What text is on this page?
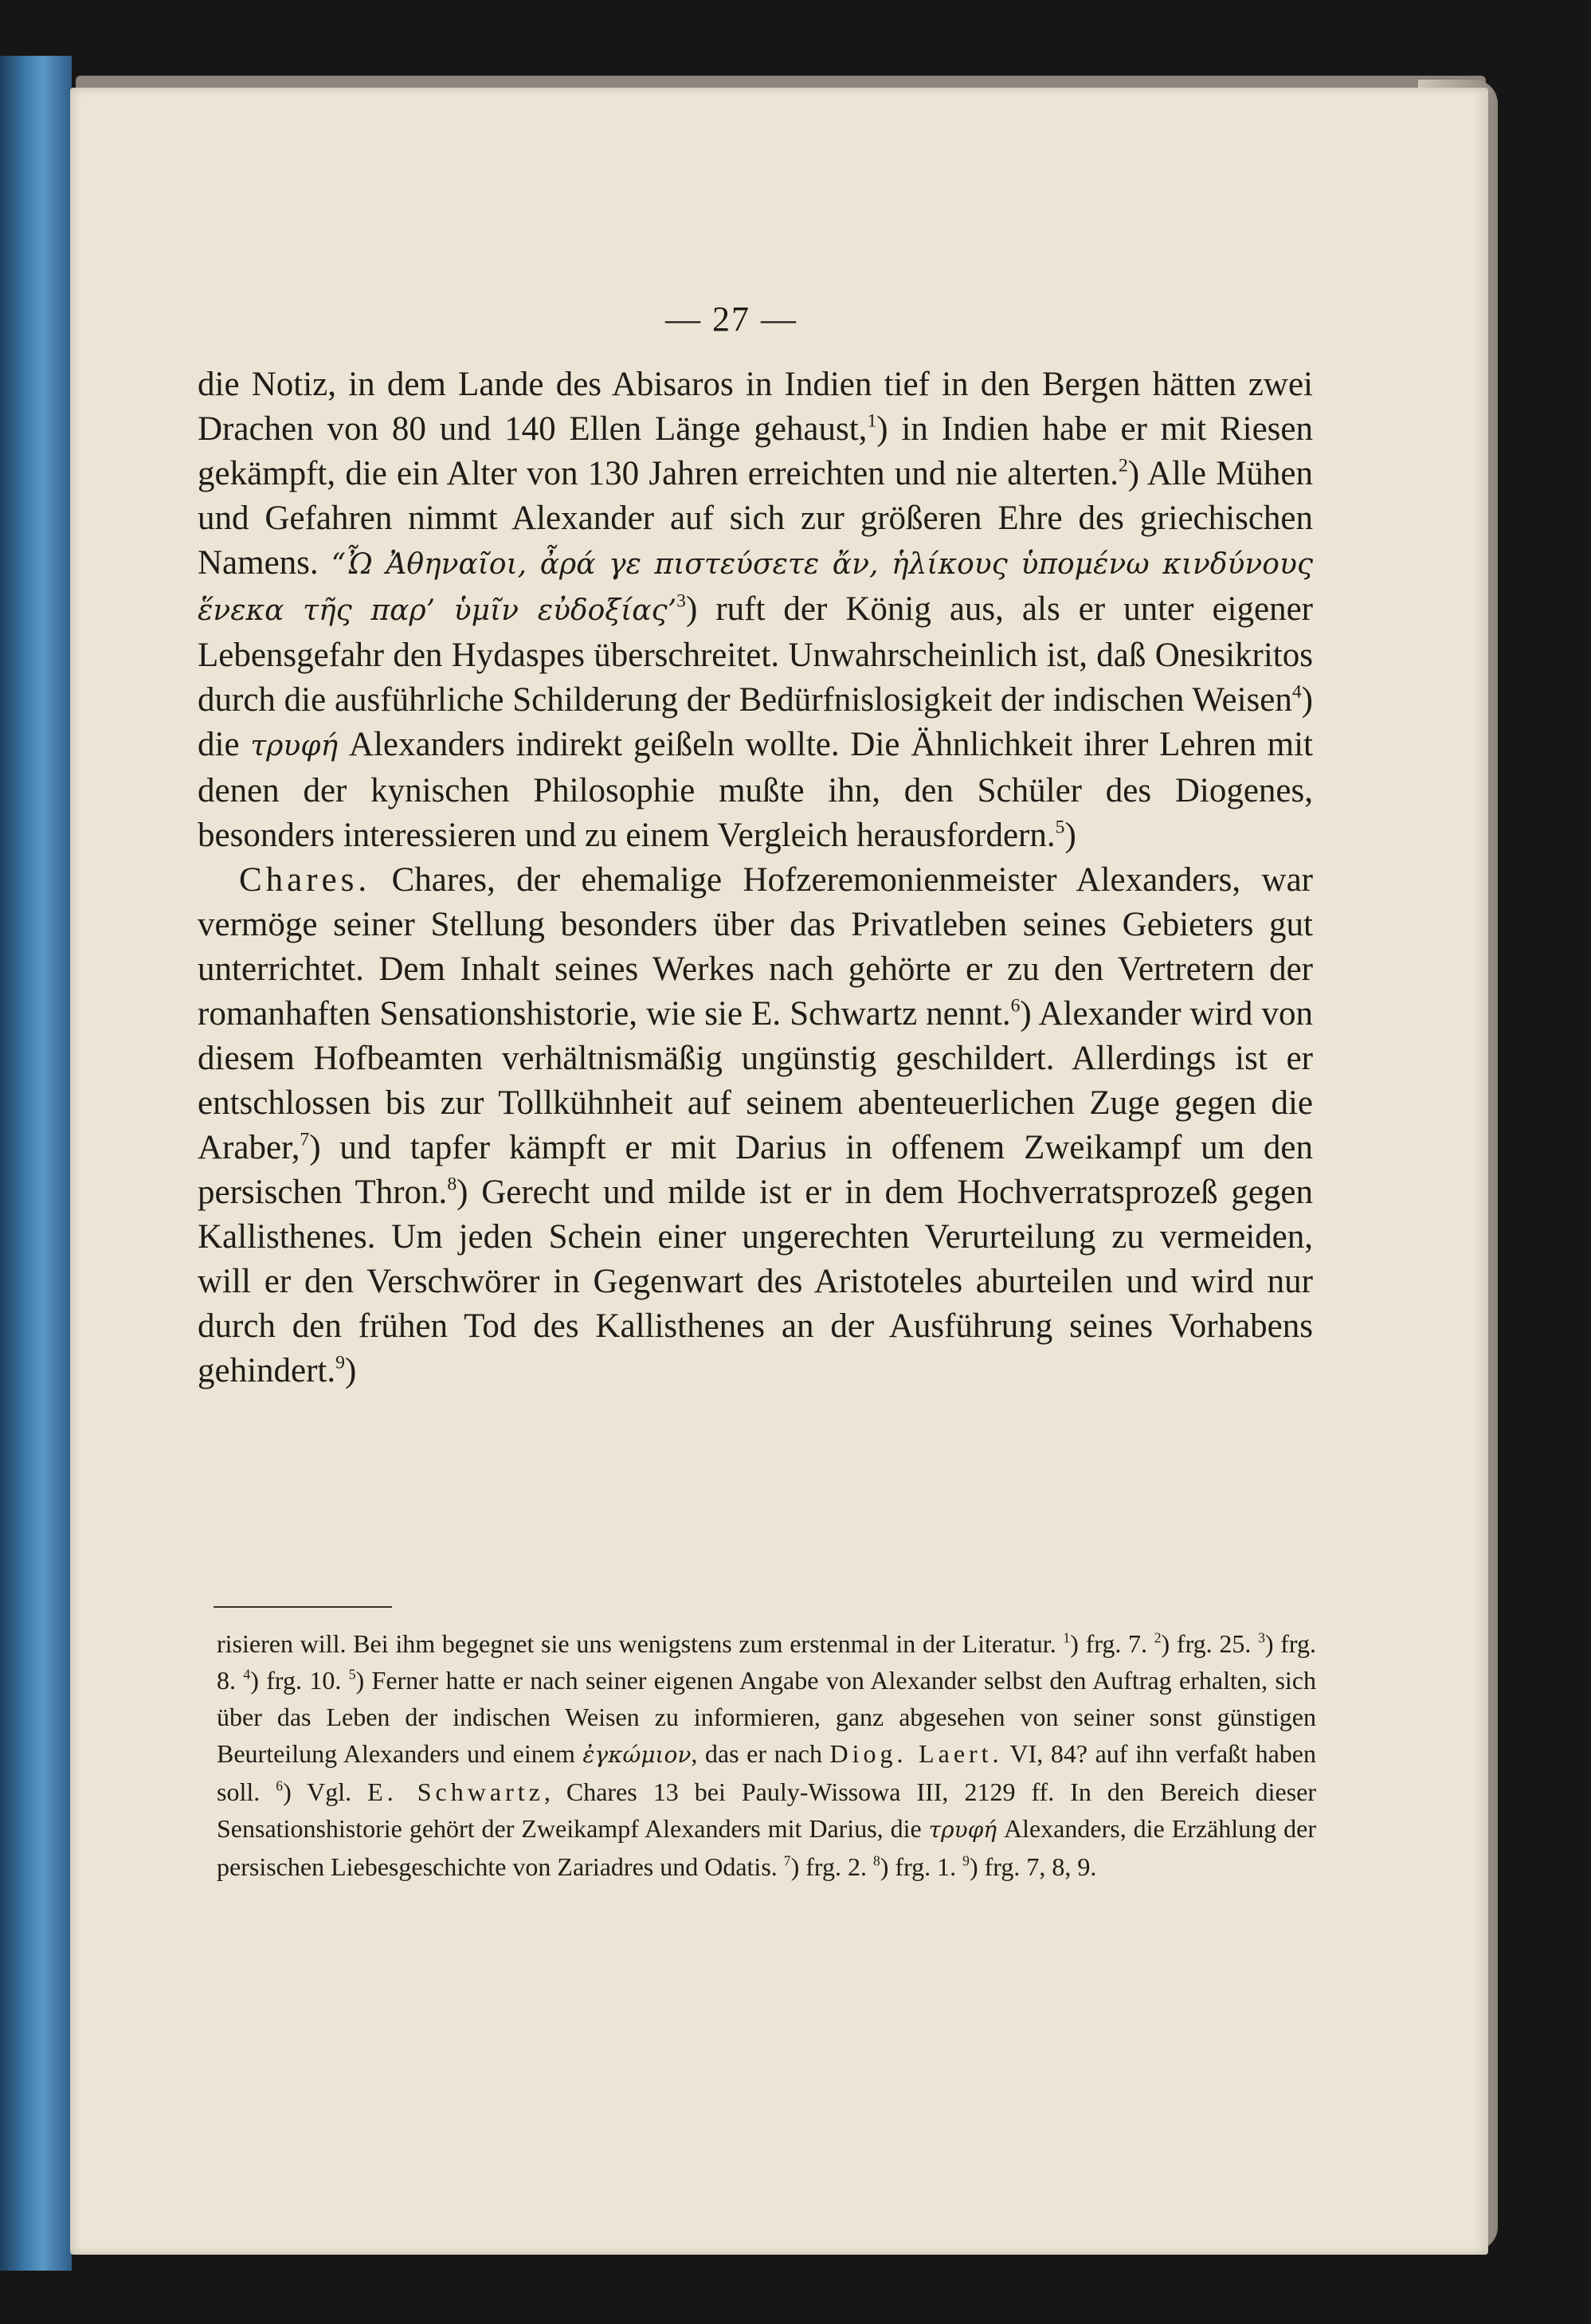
— 27 —

die Notiz, in dem Lande des Abisaros in Indien tief in den Bergen hätten zwei Drachen von 80 und 140 Ellen Länge gehaust,$^1$) in Indien habe er mit Riesen gekämpft, die ein Alter von 130 Jahren erreichten und nie alterten.$^2$) Alle Mühen und Gefahren nimmt Alexander auf sich zur größeren Ehre des griechischen Namens. “Ὦ Ἀθηναῖοι, ἆρά γε πιστεύσετε ἄν, ἡλίκους ὑπομένω κινδύνους ἕνεκα τῆς παρ’ ὑμῖν εὐδοξίας’$^3$) ruft der König aus, als er unter eigener Lebensgefahr den Hydaspes überschreitet. Unwahrscheinlich ist, daß Onesikritos durch die ausführliche Schilderung der Bedürfnislosigkeit der indischen Weisen$^4$) die τρυφή Alexanders indirekt geißeln wollte. Die Ähnlichkeit ihrer Lehren mit denen der kynischen Philosophie mußte ihn, den Schüler des Diogenes, besonders interessieren und zu einem Vergleich herausfordern.$^5$)

Chares. Chares, der ehemalige Hofzeremonienmeister Alexanders, war vermöge seiner Stellung besonders über das Privatleben seines Gebieters gut unterrichtet. Dem Inhalt seines Werkes nach gehörte er zu den Vertretern der romanhaften Sensationshistorie, wie sie E. Schwartz nennt.$^6$) Alexander wird von diesem Hofbeamten verhältnismäßig ungünstig geschildert. Allerdings ist er entschlossen bis zur Tollkühnheit auf seinem abenteuerlichen Zuge gegen die Araber,$^7$) und tapfer kämpft er mit Darius in offenem Zweikampf um den persischen Thron.$^8$) Gerecht und milde ist er in dem Hochverratsprozeß gegen Kallisthenes. Um jeden Schein einer ungerechten Verurteilung zu vermeiden, will er den Verschwörer in Gegenwart des Aristoteles aburteilen und wird nur durch den frühen Tod des Kallisthenes an der Ausführung seines Vorhabens gehindert.$^9$)

risieren will. Bei ihm begegnet sie uns wenigstens zum erstenmal in der Literatur. $^1$) frg. 7. $^2$) frg. 25. $^3$) frg. 8. $^4$) frg. 10. $^5$) Ferner hatte er nach seiner eigenen Angabe von Alexander selbst den Auftrag erhalten, sich über das Leben der indischen Weisen zu informieren, ganz abgesehen von seiner sonst günstigen Beurteilung Alexanders und einem ἐγκώμιον, das er nach Diog. Laert. VI, 84? auf ihn verfaßt haben soll. $^6$) Vgl. E. Schwartz, Chares 13 bei Pauly-Wissowa III, 2129 ff. In den Bereich dieser Sensationshistorie gehört der Zweikampf Alexanders mit Darius, die τρυφή Alexanders, die Erzählung der persischen Liebesgeschichte von Zariadres und Odatis. $^7$) frg. 2. $^8$) frg. 1. $^9$) frg. 7, 8, 9.
